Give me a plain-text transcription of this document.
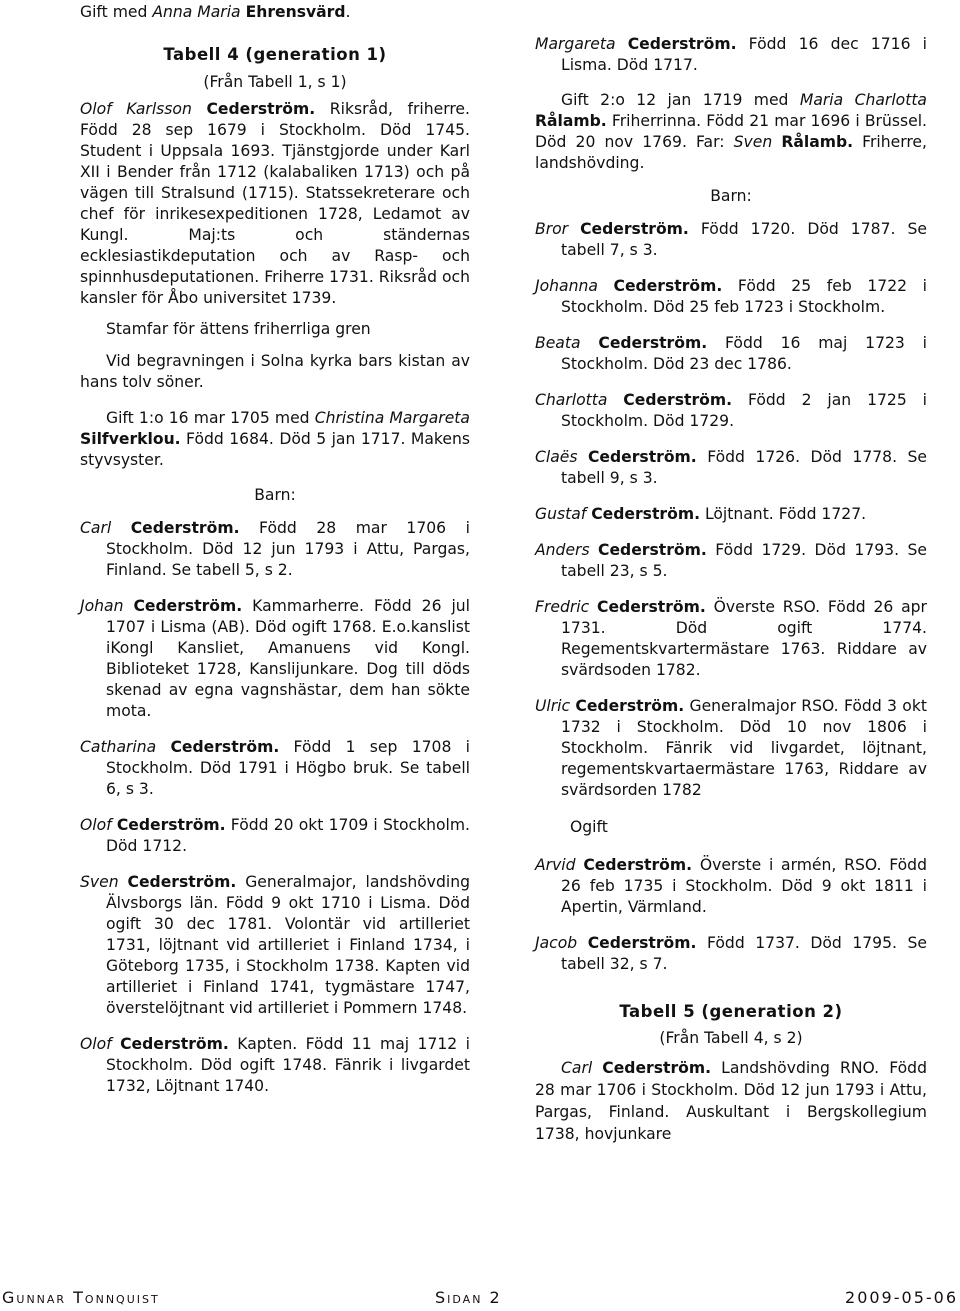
Gift med Anna Maria Ehrensvärd.

Tabell 4 (generation 1)

(Från Tabell 1, s 1)

Olof Karlsson Cederström. Riksråd, friherre. Född 28 sep 1679 i Stockholm. Död 1745. Student i Uppsala 1693. Tjänstgjorde under Karl XII i Bender från 1712 (kalabaliken 1713) och på vägen till Stralsund (1715). Statssekreterare och chef för inrikesexpeditionen 1728, Ledamot av Kungl. Maj:ts och ständernas ecklesiastikdeputation och av Rasp- och spinnhusdeputationen. Friherre 1731. Riksråd och kansler för Åbo universitet 1739.

Stamfar för ättens friherrliga gren

Vid begravningen i Solna kyrka bars kistan av hans tolv söner.

Gift 1:o 16 mar 1705 med Christina Margareta Silfverklou. Född 1684. Död 5 jan 1717. Makens styvsyster.

Barn:

Carl Cederström. Född 28 mar 1706 i Stockholm. Död 12 jun 1793 i Attu, Pargas, Finland. Se tabell 5, s 2.

Johan Cederström. Kammarherre. Född 26 jul 1707 i Lisma (AB). Död ogift 1768. E.o.kanslist iKongl Kansliet, Amanuens vid Kongl. Biblioteket 1728, Kanslijunkare. Dog till döds skenad av egna vagnshästar, dem han sökte mota.

Catharina Cederström. Född 1 sep 1708 i Stockholm. Död 1791 i Högbo bruk. Se tabell 6, s 3.

Olof Cederström. Född 20 okt 1709 i Stockholm. Död 1712.

Sven Cederström. Generalmajor, landshövding Älvsborgs län. Född 9 okt 1710 i Lisma. Död ogift 30 dec 1781. Volontär vid artilleriet 1731, löjtnant vid artilleriet i Finland 1734, i Göteborg 1735, i Stockholm 1738. Kapten vid artilleriet i Finland 1741, tygmästare 1747, överstelöjtnant vid artilleriet i Pommern 1748.

Olof Cederström. Kapten. Född 11 maj 1712 i Stockholm. Död ogift 1748. Fänrik i livgardet 1732, Löjtnant 1740.

Margareta Cederström. Född 16 dec 1716 i Lisma. Död 1717.

Gift 2:o 12 jan 1719 med Maria Charlotta Rålamb. Friherrinna. Född 21 mar 1696 i Brüssel. Död 20 nov 1769. Far: Sven Rålamb. Friherre, landshövding.

Barn:

Bror Cederström. Född 1720. Död 1787. Se tabell 7, s 3.

Johanna Cederström. Född 25 feb 1722 i Stockholm. Död 25 feb 1723 i Stockholm.

Beata Cederström. Född 16 maj 1723 i Stockholm. Död 23 dec 1786.

Charlotta Cederström. Född 2 jan 1725 i Stockholm. Död 1729.

Claës Cederström. Född 1726. Död 1778. Se tabell 9, s 3.

Gustaf Cederström. Löjtnant. Född 1727.

Anders Cederström. Född 1729. Död 1793. Se tabell 23, s 5.

Fredric Cederström. Överste RSO. Född 26 apr 1731. Död ogift 1774. Regementskvartermästare 1763. Riddare av svärdsoden 1782.

Ulric Cederström. Generalmajor RSO. Född 3 okt 1732 i Stockholm. Död 10 nov 1806 i Stockholm. Fänrik vid livgardet, löjtnant, regementskvartaermästare 1763, Riddare av svärdsorden 1782

Ogift

Arvid Cederström. Överste i armén, RSO. Född 26 feb 1735 i Stockholm. Död 9 okt 1811 i Apertin, Värmland.

Jacob Cederström. Född 1737. Död 1795. Se tabell 32, s 7.

Tabell 5 (generation 2)

(Från Tabell 4, s 2)

Carl Cederström. Landshövding RNO. Född 28 mar 1706 i Stockholm. Död 12 jun 1793 i Attu, Pargas, Finland. Auskultant i Bergskollegium 1738, hovjunkare

Gunnar Tonnquist	Sidan 2	2009-05-06
